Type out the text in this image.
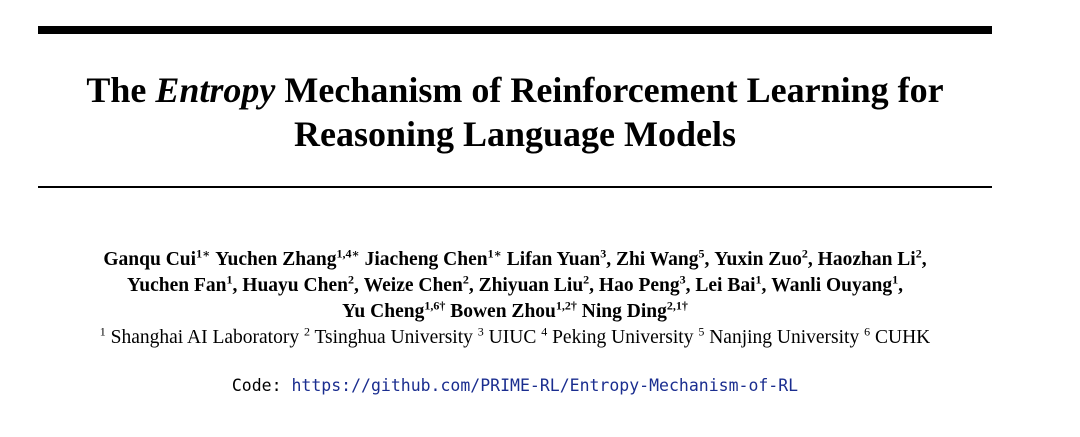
The Entropy Mechanism of Reinforcement Learning for
Reasoning Language Models
Ganqu Cui$^{1∗}$ Yuchen Zhang$^{1,4∗}$ Jiacheng Chen$^{1∗}$ Lifan Yuan$^3$, Zhi Wang$^5$, Yuxin Zuo$^2$, Haozhan Li$^2$,
Yuchen Fan$^1$, Huayu Chen$^2$, Weize Chen$^2$, Zhiyuan Liu$^2$, Hao Peng$^3$, Lei Bai$^1$, Wanli Ouyang$^1$,
Yu Cheng$^{1,6\dagger}$ Bowen Zhou$^{1,2\dagger}$ Ning Ding$^{2,1\dagger}$
$^1$ Shanghai AI Laboratory $^2$ Tsinghua University $^3$ UIUC $^4$ Peking University $^5$ Nanjing University $^6$ CUHK
Code: https://github.com/PRIME-RL/Entropy-Mechanism-of-RL
